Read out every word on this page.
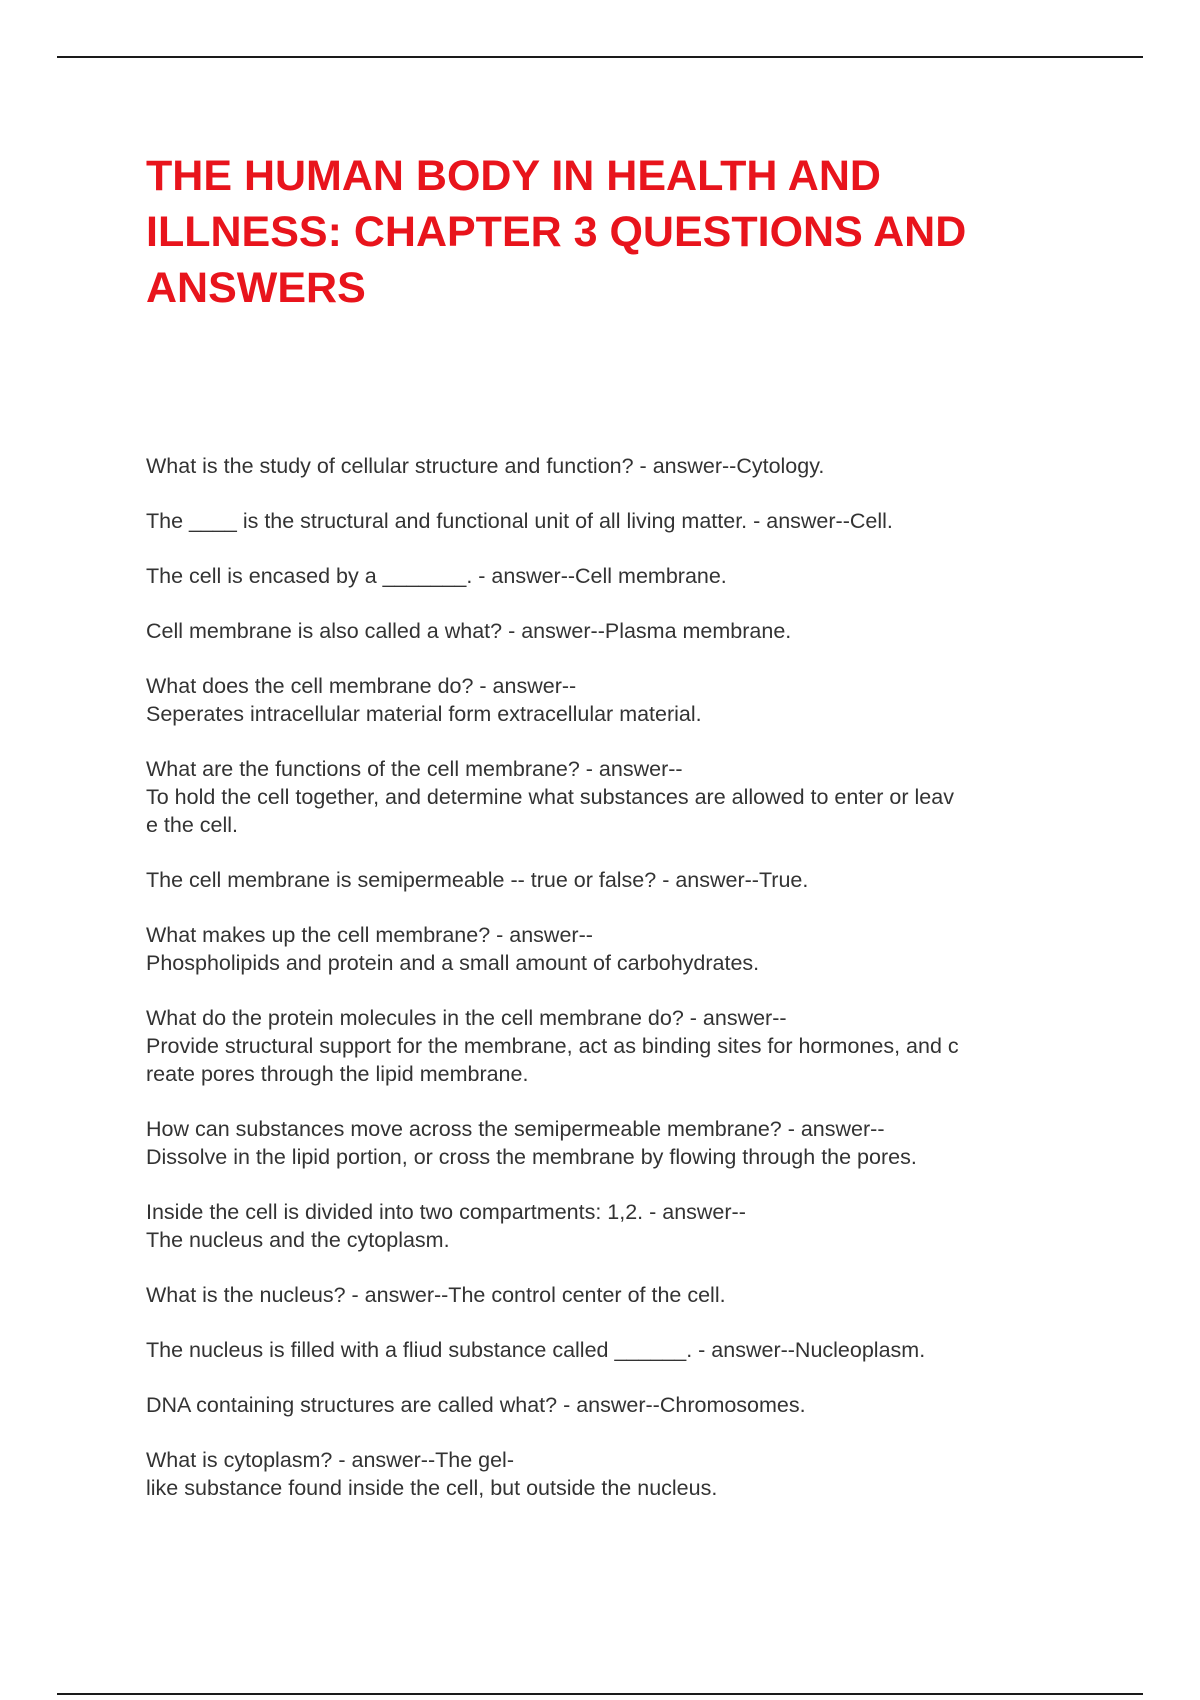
THE HUMAN BODY IN HEALTH AND ILLNESS: CHAPTER 3 QUESTIONS AND ANSWERS
What is the study of cellular structure and function? - answer--Cytology.
The ____ is the structural and functional unit of all living matter. - answer--Cell.
The cell is encased by a _______. - answer--Cell membrane.
Cell membrane is also called a what? - answer--Plasma membrane.
What does the cell membrane do? - answer--
Seperates intracellular material form extracellular material.
What are the functions of the cell membrane? - answer--
To hold the cell together, and determine what substances are allowed to enter or leav
e the cell.
The cell membrane is semipermeable -- true or false? - answer--True.
What makes up the cell membrane? - answer--
Phospholipids and protein and a small amount of carbohydrates.
What do the protein molecules in the cell membrane do? - answer--
Provide structural support for the membrane, act as binding sites for hormones, and c
reate pores through the lipid membrane.
How can substances move across the semipermeable membrane? - answer--
Dissolve in the lipid portion, or cross the membrane by flowing through the pores.
Inside the cell is divided into two compartments: 1,2. - answer--
The nucleus and the cytoplasm.
What is the nucleus? - answer--The control center of the cell.
The nucleus is filled with a fliud substance called ______. - answer--Nucleoplasm.
DNA containing structures are called what? - answer--Chromosomes.
What is cytoplasm? - answer--The gel-
like substance found inside the cell, but outside the nucleus.
